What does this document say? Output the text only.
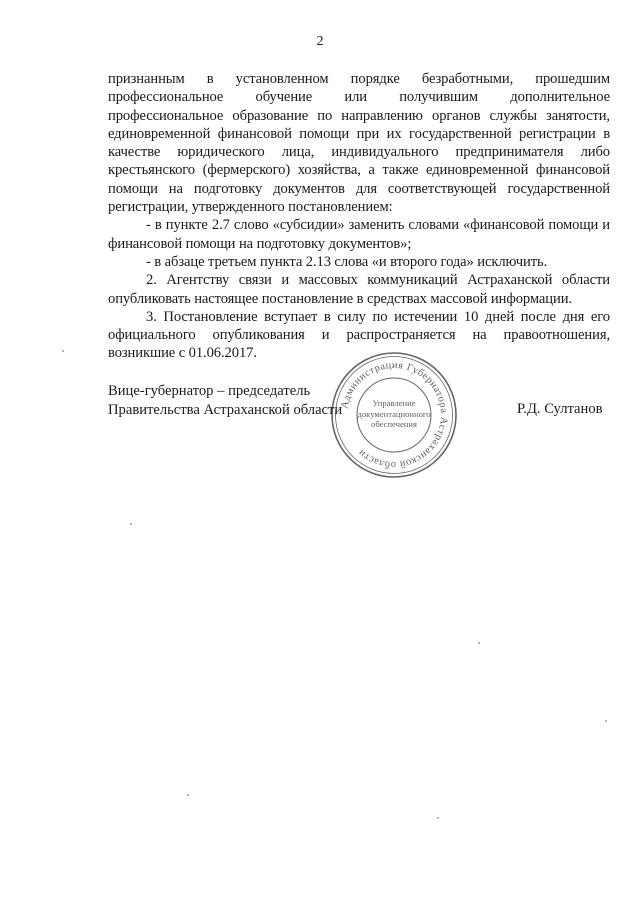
2

признанным в установленном порядке безработными, прошедшим профессиональное обучение или получившим дополнительное профессиональное образование по направлению органов службы занятости, единовременной финансовой помощи при их государственной регистрации в качестве юридического лица, индивидуального предпринимателя либо крестьянского (фермерского) хозяйства, а также единовременной финансовой помощи на подготовку документов для соответствующей государственной регистрации, утвержденного постановлением:

- в пункте 2.7 слово «субсидии» заменить словами «финансовой помощи и финансовой помощи на подготовку документов»;

- в абзаце третьем пункта 2.13 слова «и второго года» исключить.

2. Агентству связи и массовых коммуникаций Астраханской области опубликовать настоящее постановление в средствах массовой информации.

3. Постановление вступает в силу по истечении 10 дней после дня его официального опубликования и распространяется на правоотношения, возникшие с 01.06.2017.

Вице-губернатор – председатель
Правительства Астраханской области	Р.Д. Султанов
Администрация Губернатора Астраханской области
Управление
документационного
обеспечения
